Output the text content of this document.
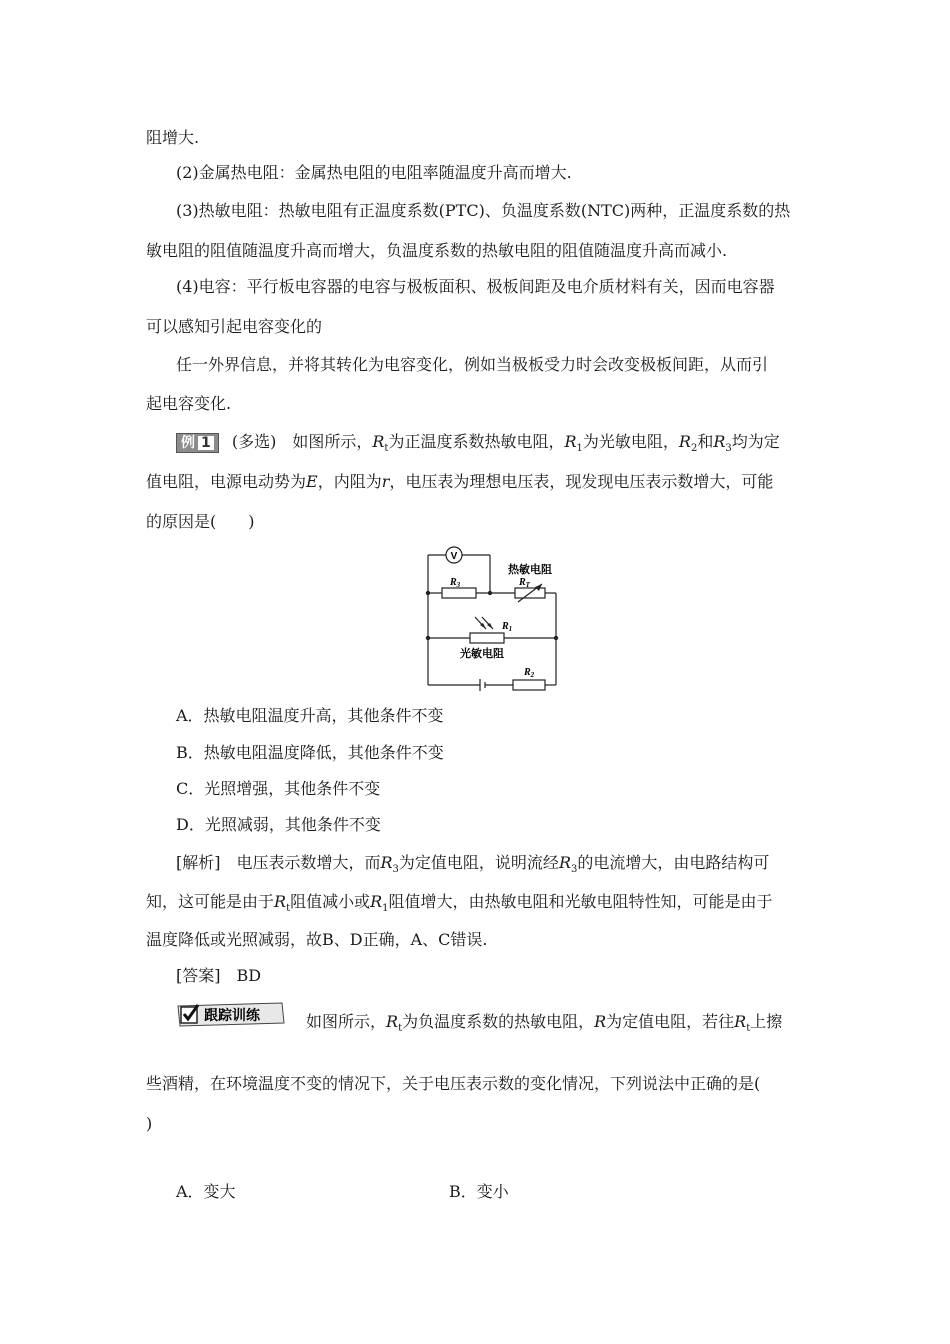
阻增大.
(2)金属热电阻：金属热电阻的电阻率随温度升高而增大.
(3)热敏电阻：热敏电阻有正温度系数(PTC)、负温度系数(NTC)两种，正温度系数的热
敏电阻的阻值随温度升高而增大，负温度系数的热敏电阻的阻值随温度升高而减小.
(4)电容：平行板电容器的电容与极板面积、极板间距及电介质材料有关，因而电容器
可以感知引起电容变化的
任一外界信息，并将其转化为电容变化，例如当极板受力时会改变极板间距，从而引
起电容变化.
例 1 (多选)　 如图所示，$R_t$为正温度系数热敏电阻，$R_1$为光敏电阻，$R_2$和$R_3$均为定
值电阻，电源电动势为E，内阻为r，电压表为理想电压表，现发现电压表示数增大，可能
的原因是(　　)
V
热敏电阻
$R_3$	$R_T$
$R_1$
光敏电阻
$R_2$
A．热敏电阻温度升高，其他条件不变
B．热敏电阻温度降低，其他条件不变
C．光照增强，其他条件不变
D．光照减弱，其他条件不变
[解析]　电压表示数增大，而$R_3$为定值电阻，说明流经$R_3$的电流增大，由电路结构可
知，这可能是由于$R_t$阻值减小或$R_1$阻值增大，由热敏电阻和光敏电阻特性知，可能是由于
温度降低或光照减弱，故B、D正确，A、C错误.
[答案]　BD
跟踪训练	如图所示，$R_t$为负温度系数的热敏电阻，R为定值电阻，若往$R_t$上擦
些酒精，在环境温度不变的情况下，关于电压表示数的变化情况，下列说法中正确的是(
)
A．变大	B．变小
